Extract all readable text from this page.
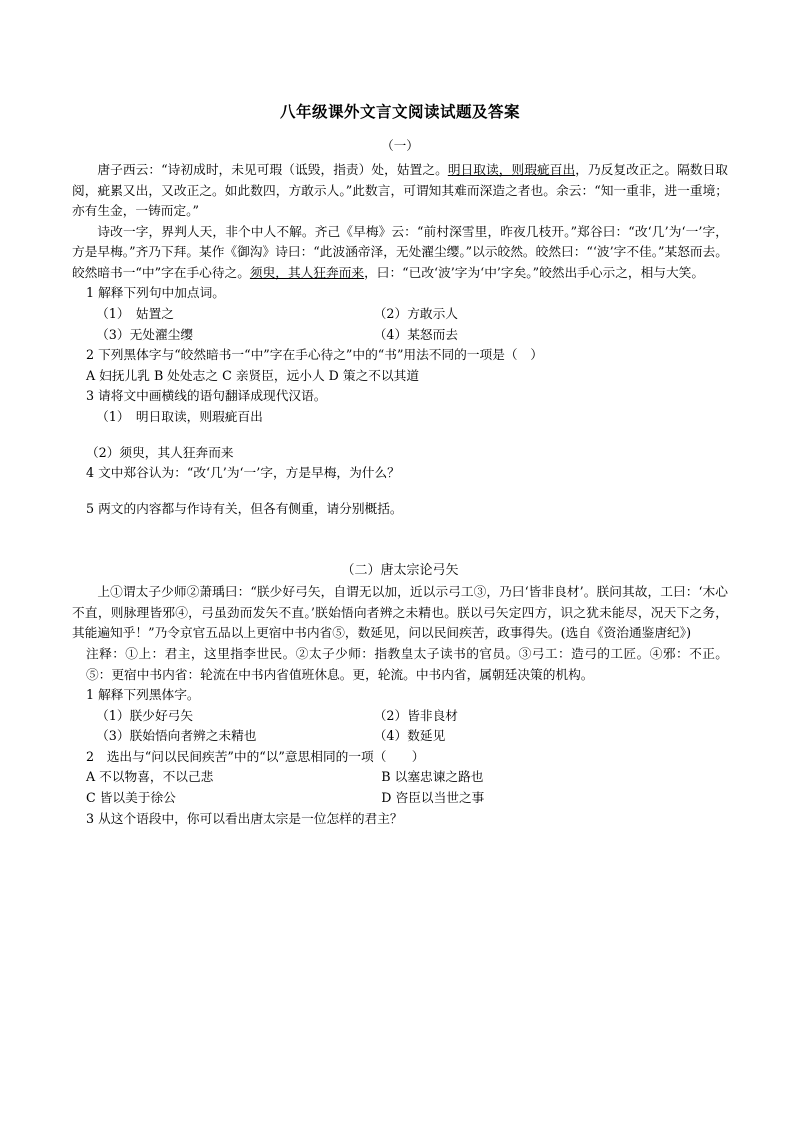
八年级课外文言文阅读试题及答案
（一）

唐子西云：“诗初成时，未见可瑕（诋毁，指责）处，姑置之。明日取读，则瑕疵百出，乃反复改正之。隔数日取阅，疵累又出，又改正之。如此数四，方敢示人。”此数言，可谓知其难而深造之者也。余云：“知一重非，进一重境；亦有生金，一铸而定。”

诗改一字，界判人天，非个中人不解。齐己《早梅》云：“前村深雪里，昨夜几枝开。”郑谷曰：“改‘几’为‘一’字，方是早梅。”齐乃下拜。某作《御沟》诗曰：“此波涵帝泽，无处濯尘缨。”以示皎然。皎然曰：“‘波’字不佳。”某怒而去。皎然暗书一“中”字在手心待之。须臾，其人狂奔而来，曰：“已改‘波’字为‘中’字矣。”皎然出手心示之，相与大笑。

1 解释下列句中加点词。

（1）　姑置之	（2）方敢示人
（3）无处濯尘缨	（4）某怒而去

2 下列黑体字与“皎然暗书一“中”字在手心待之”中的“书”用法不同的一项是（　）

A 妇抚儿乳 B 处处志之 C 亲贤臣，远小人 D 策之不以其道

3 请将文中画横线的语句翻译成现代汉语。

（1）　明日取读，则瑕疵百出

（2）须臾，其人狂奔而来

4 文中郑谷认为：“改‘几’为‘一’字，方是早梅，为什么？

5 两文的内容都与作诗有关，但各有侧重，请分别概括。

（二）唐太宗论弓矢

上①谓太子少师②萧瑀曰：“朕少好弓矢，自谓无以加，近以示弓工③，乃曰‘皆非良材’。朕问其故，工曰：‘木心不直，则脉理皆邪④，弓虽劲而发矢不直。’朕始悟向者辨之未精也。朕以弓矢定四方，识之犹未能尽，况天下之务，其能遍知乎！”乃令京官五品以上更宿中书内省⑤，数延见，问以民间疾苦，政事得失。(选自《资治通鉴唐纪》)

注释：①上：君主，这里指李世民。②太子少师：指教皇太子读书的官员。③弓工：造弓的工匠。④邪：不正。⑤：更宿中书内省：轮流在中书内省值班休息。更，轮流。中书内省，属朝廷决策的机构。

1 解释下列黑体字。

（1）朕少好弓矢	（2）皆非良材
（3）朕始悟向者辨之未精也	（4）数延见

2　选出与“问以民间疾苦”中的“以”意思相同的一项（　　）

A 不以物喜，不以己悲	B 以塞忠谏之路也
C 皆以美于徐公	D 咨臣以当世之事

3 从这个语段中，你可以看出唐太宗是一位怎样的君主？
